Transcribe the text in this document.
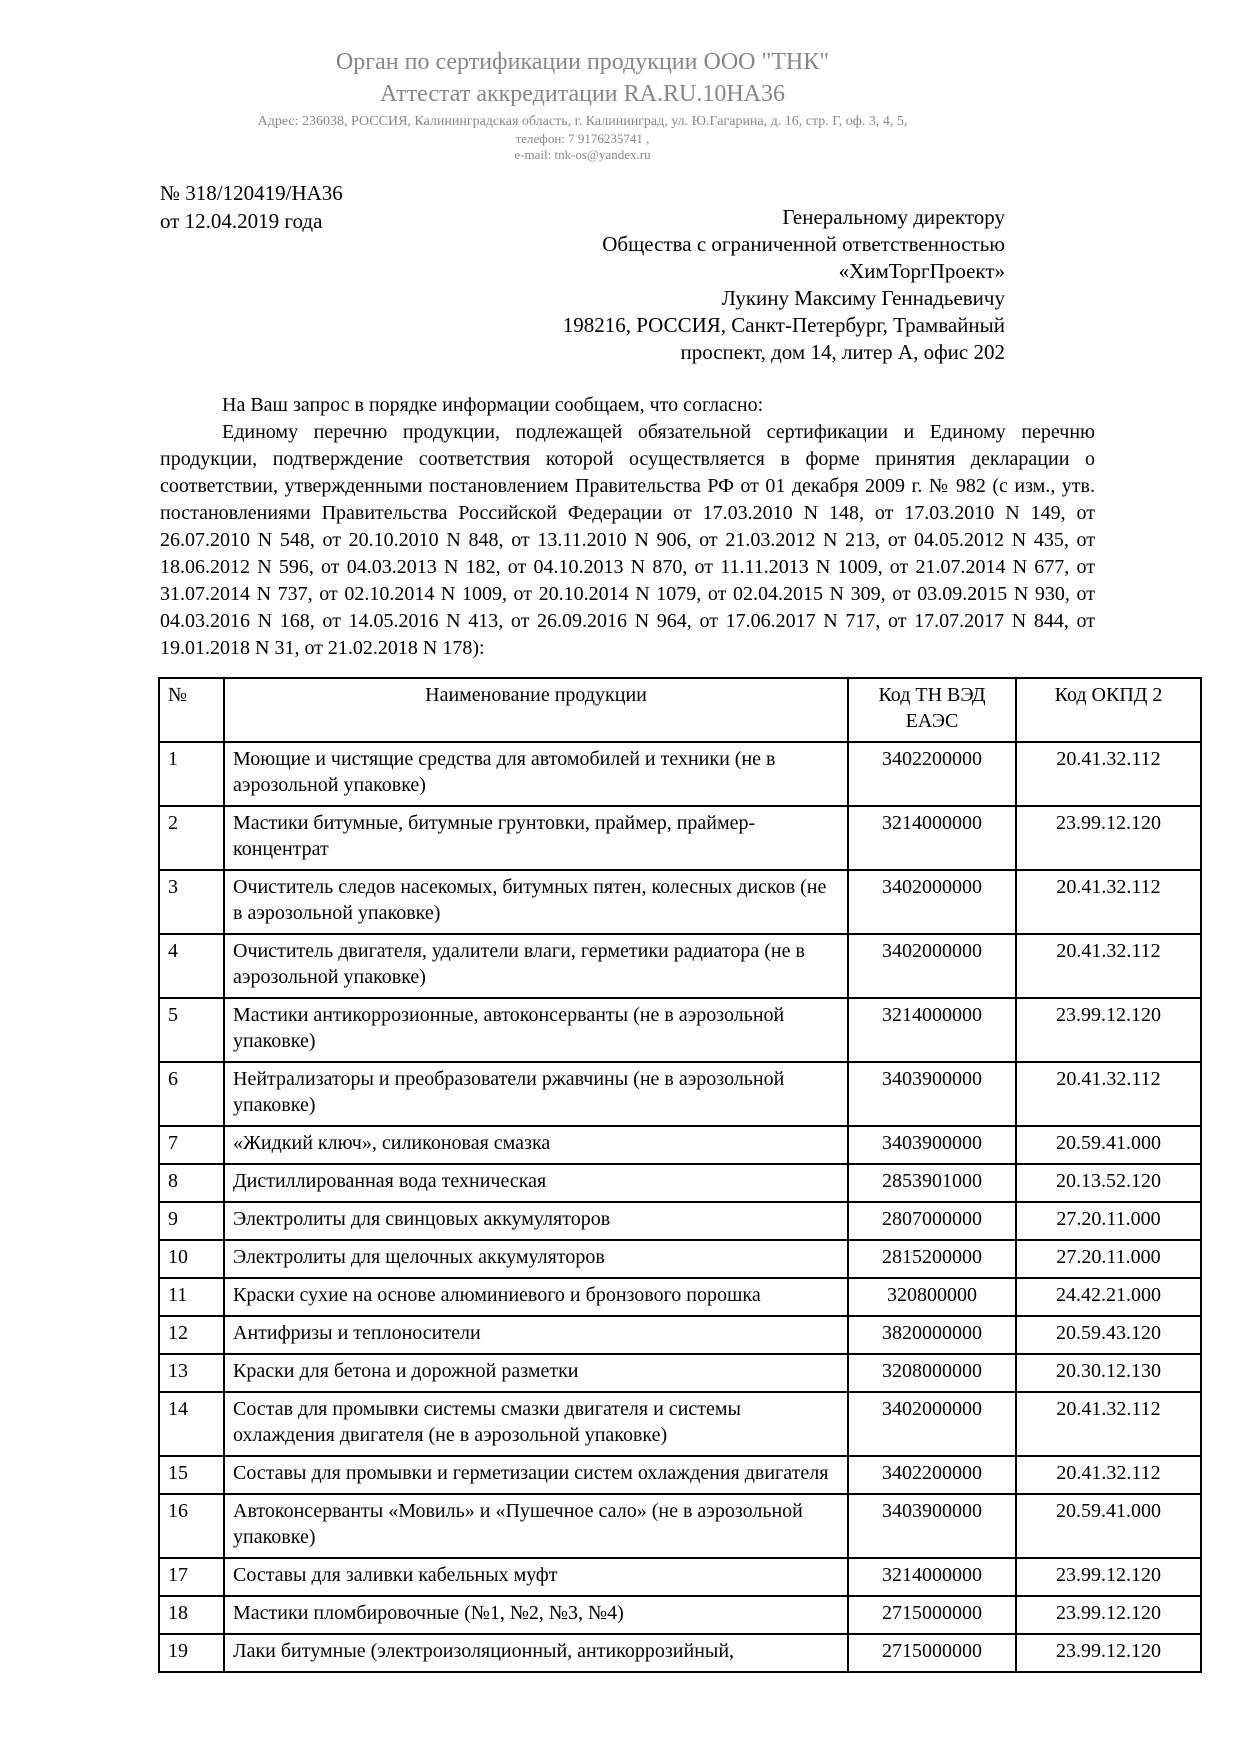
Орган по сертификации продукции ООО "ТНК"
Аттестат аккредитации RA.RU.10НА36
Адрес: 236038, РОССИЯ, Калининградская область, г. Калининград, ул. Ю.Гагарина, д. 16, стр. Г, оф. 3, 4, 5,
телефон: 7 9176235741 ,
e-mail: tnk-os@yandex.ru
№ 318/120419/НА36
от 12.04.2019 года	Генеральному директору
Общества с ограниченной ответственностью
«ХимТоргПроект»
Лукину Максиму Геннадьевичу
198216, РОССИЯ, Санкт-Петербург, Трамвайный
проспект, дом 14, литер А, офис 202

На Ваш запрос в порядке информации сообщаем, что согласно:

Единому перечню продукции, подлежащей обязательной сертификации и Единому перечню продукции, подтверждение соответствия которой осуществляется в форме принятия декларации о соответствии, утвержденными постановлением Правительства РФ от 01 декабря 2009 г. № 982 (с изм., утв. постановлениями Правительства Российской Федерации от 17.03.2010 N 148, от 17.03.2010 N 149, от 26.07.2010 N 548, от 20.10.2010 N 848, от 13.11.2010 N 906, от 21.03.2012 N 213, от 04.05.2012 N 435, от 18.06.2012 N 596, от 04.03.2013 N 182, от 04.10.2013 N 870, от 11.11.2013 N 1009, от 21.07.2014 N 677, от 31.07.2014 N 737, от 02.10.2014 N 1009, от 20.10.2014 N 1079, от 02.04.2015 N 309, от 03.09.2015 N 930, от 04.03.2016 N 168, от 14.05.2016 N 413, от 26.09.2016 N 964, от 17.06.2017 N 717, от 17.07.2017 N 844, от 19.01.2018 N 31, от 21.02.2018 N 178):

№	Наименование продукции	Код ТН ВЭД ЕАЭС	Код ОКПД 2
1	Моющие и чистящие средства для автомобилей и техники (не в аэрозольной упаковке)	3402200000	20.41.32.112
2	Мастики битумные, битумные грунтовки, праймер, праймер-концентрат	3214000000	23.99.12.120
3	Очиститель следов насекомых, битумных пятен, колесных дисков (не в аэрозольной упаковке)	3402000000	20.41.32.112
4	Очиститель двигателя, удалители влаги, герметики радиатора (не в аэрозольной упаковке)	3402000000	20.41.32.112
5	Мастики антикоррозионные, автоконсерванты (не в аэрозольной упаковке)	3214000000	23.99.12.120
6	Нейтрализаторы и преобразователи ржавчины (не в аэрозольной упаковке)	3403900000	20.41.32.112
7	«Жидкий ключ», силиконовая смазка	3403900000	20.59.41.000
8	Дистиллированная вода техническая	2853901000	20.13.52.120
9	Электролиты для свинцовых аккумуляторов	2807000000	27.20.11.000
10	Электролиты для щелочных аккумуляторов	2815200000	27.20.11.000
11	Краски сухие на основе алюминиевого и бронзового порошка	320800000	24.42.21.000
12	Антифризы и теплоносители	3820000000	20.59.43.120
13	Краски для бетона и дорожной разметки	3208000000	20.30.12.130
14	Состав для промывки системы смазки двигателя и системы охлаждения двигателя (не в аэрозольной упаковке)	3402000000	20.41.32.112
15	Составы для промывки и герметизации систем охлаждения двигателя	3402200000	20.41.32.112
16	Автоконсерванты «Мовиль» и «Пушечное сало» (не в аэрозольной упаковке)	3403900000	20.59.41.000
17	Составы для заливки кабельных муфт	3214000000	23.99.12.120
18	Мастики пломбировочные (№1, №2, №3, №4)	2715000000	23.99.12.120
19	Лаки битумные (электроизоляционный, антикоррозийный,	2715000000	23.99.12.120
